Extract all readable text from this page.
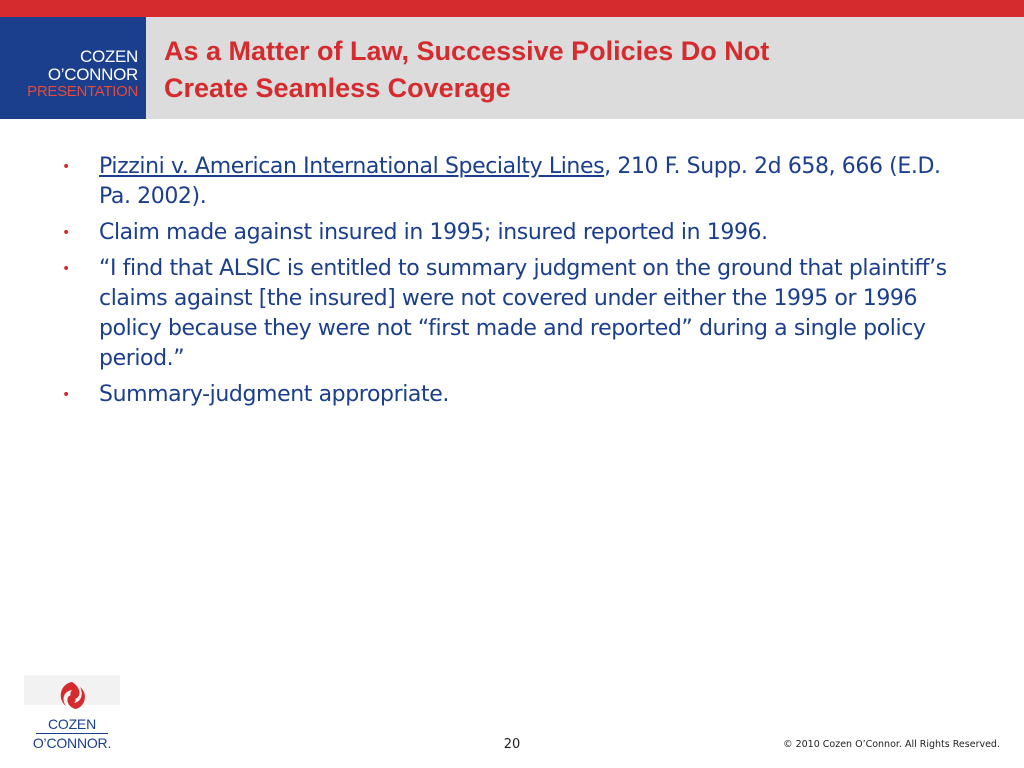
COZEN
O’CONNOR
PRESENTATION
As a Matter of Law, Successive Policies Do Not
Create Seamless Coverage
• Pizzini v. American International Specialty Lines, 210 F. Supp. 2d 658, 666 (E.D. Pa. 2002).
• Claim made against insured in 1995; insured reported in 1996.
• “I find that ALSIC is entitled to summary judgment on the ground that plaintiff’s claims against [the insured] were not covered under either the 1995 or 1996 policy because they were not “first made and reported” during a single policy period.”
• Summary-judgment appropriate.
COZEN
O’CONNOR.	20	© 2010 Cozen O’Connor. All Rights Reserved.
